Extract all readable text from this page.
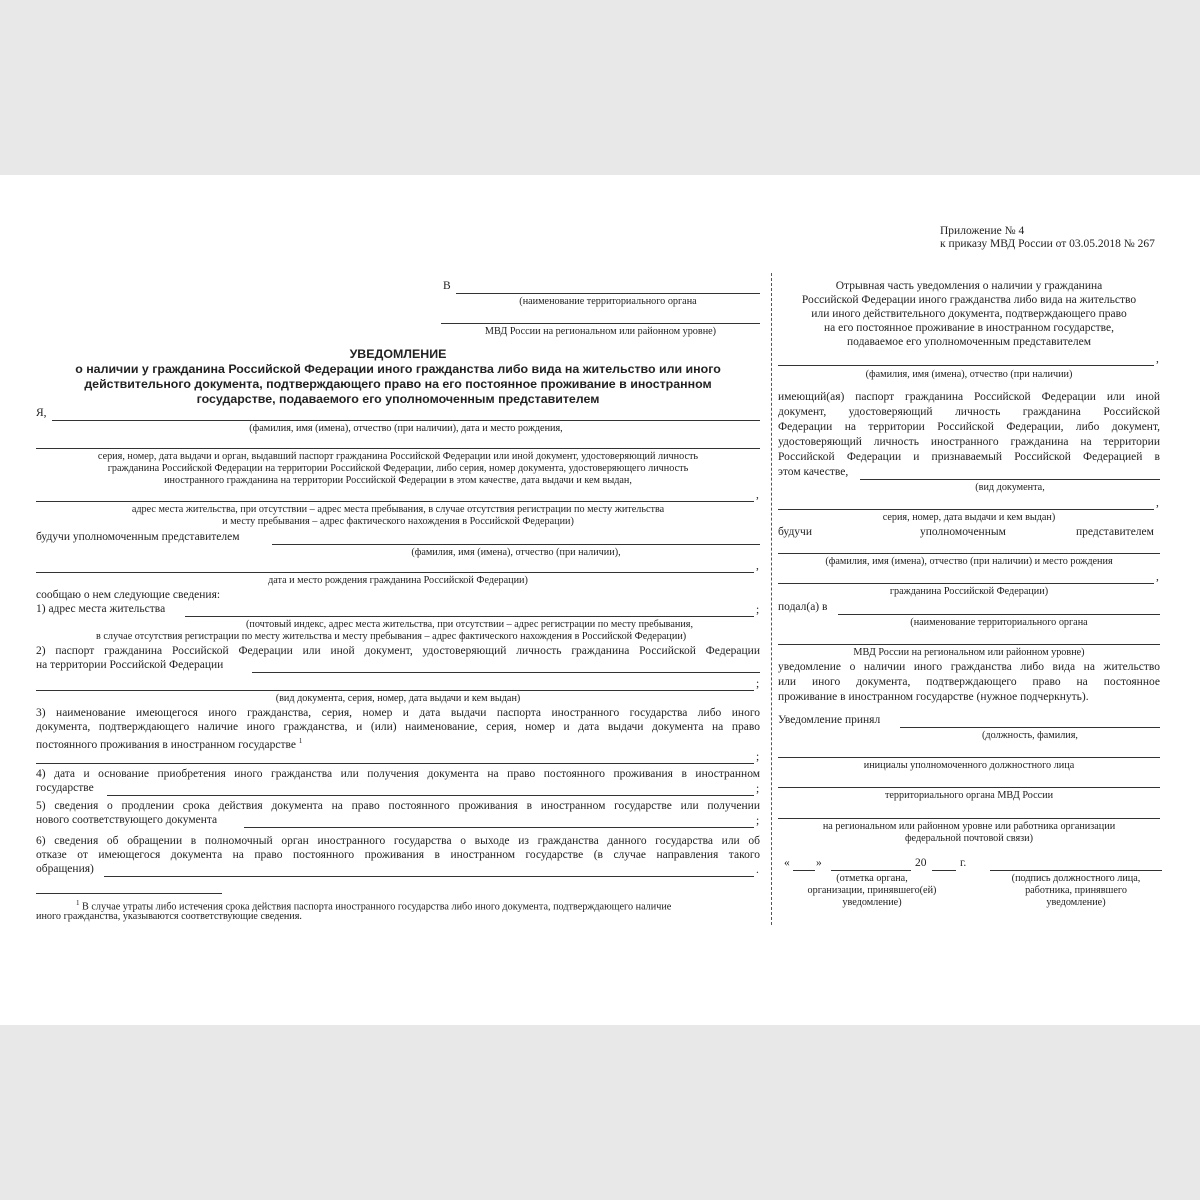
Приложение № 4
к приказу МВД России от 03.05.2018 № 267
В
(наименование территориального органа
МВД России на региональном или районном уровне)
УВЕДОМЛЕНИЕ
о наличии у гражданина Российской Федерации иного гражданства либо вида на жительство или иного
действительного документа, подтверждающего право на его постоянное проживание в иностранном
государстве, подаваемого его уполномоченным представителем
Я,
(фамилия, имя (имена), отчество (при наличии), дата и место рождения,
серия, номер, дата выдачи и орган, выдавший паспорт гражданина Российской Федерации или иной документ, удостоверяющий личность
гражданина Российской Федерации на территории Российской Федерации, либо серия, номер документа, удостоверяющего личность
иностранного гражданина на территории Российской Федерации в этом качестве, дата выдачи и кем выдан,
,
адрес места жительства, при отсутствии – адрес места пребывания, в случае отсутствия регистрации по месту жительства
и месту пребывания – адрес фактического нахождения в Российской Федерации)
будучи уполномоченным представителем
(фамилия, имя (имена), отчество (при наличии),
,
дата и место рождения гражданина Российской Федерации)
сообщаю о нем следующие сведения:
1) адрес места жительства	;
(почтовый индекс, адрес места жительства, при отсутствии – адрес регистрации по месту пребывания,
в случае отсутствия регистрации по месту жительства и месту пребывания – адрес фактического нахождения в Российской Федерации)
2) паспорт гражданина Российской Федерации или иной документ, удостоверяющий личность гражданина Российской Федерации
на территории Российской Федерации
;
(вид документа, серия, номер, дата выдачи и кем выдан)
3) наименование имеющегося иного гражданства, серия, номер и дата выдачи паспорта иностранного государства либо иного
документа, подтверждающего наличие иного гражданства, и (или) наименование, серия, номер и дата выдачи документа на право
постоянного проживания в иностранном государстве $^1$
;
4) дата и основание приобретения иного гражданства или получения документа на право постоянного проживания в иностранном
государстве	;
5) сведения о продлении срока действия документа на право постоянного проживания в иностранном государстве или получении
нового соответствующего документа	;
6) сведения об обращении в полномочный орган иностранного государства о выходе из гражданства данного государства или об
отказе от имеющегося документа на право постоянного проживания в иностранном государстве (в случае направления такого
обращения)	.
$^1$ В случае утраты либо истечения срока действия паспорта иностранного государства либо иного документа, подтверждающего наличие
иного гражданства, указываются соответствующие сведения.
Отрывная часть уведомления о наличии у гражданина
Российской Федерации иного гражданства либо вида на жительство
или иного действительного документа, подтверждающего право
на его постоянное проживание в иностранном государстве,
подаваемое его уполномоченным представителем
,
(фамилия, имя (имена), отчество (при наличии)
имеющий(ая) паспорт гражданина Российской Федерации или иной
документ, удостоверяющий личность гражданина Российской
Федерации на территории Российской Федерации, либо документ,
удостоверяющий личность иностранного гражданина на территории
Российской Федерации и признаваемый Российской Федерацией в
этом качестве,
(вид документа,
,
серия, номер, дата выдачи и кем выдан)
будучи	уполномоченным	представителем
(фамилия, имя (имена), отчество (при наличии) и место рождения
,
гражданина Российской Федерации)
подал(а) в
(наименование территориального органа
МВД России на региональном или районном уровне)
уведомление о наличии иного гражданства либо вида на жительство
или иного документа, подтверждающего право на постоянное
проживание в иностранном государстве (нужное подчеркнуть).
Уведомление принял
(должность, фамилия,
инициалы уполномоченного должностного лица
территориального органа МВД России
на региональном или районном уровне или работника организации
федеральной почтовой связи)
« »	20	г.
(отметка органа,
организации, принявшего(ей)
уведомление)
(подпись должностного лица,
работника, принявшего
уведомление)
